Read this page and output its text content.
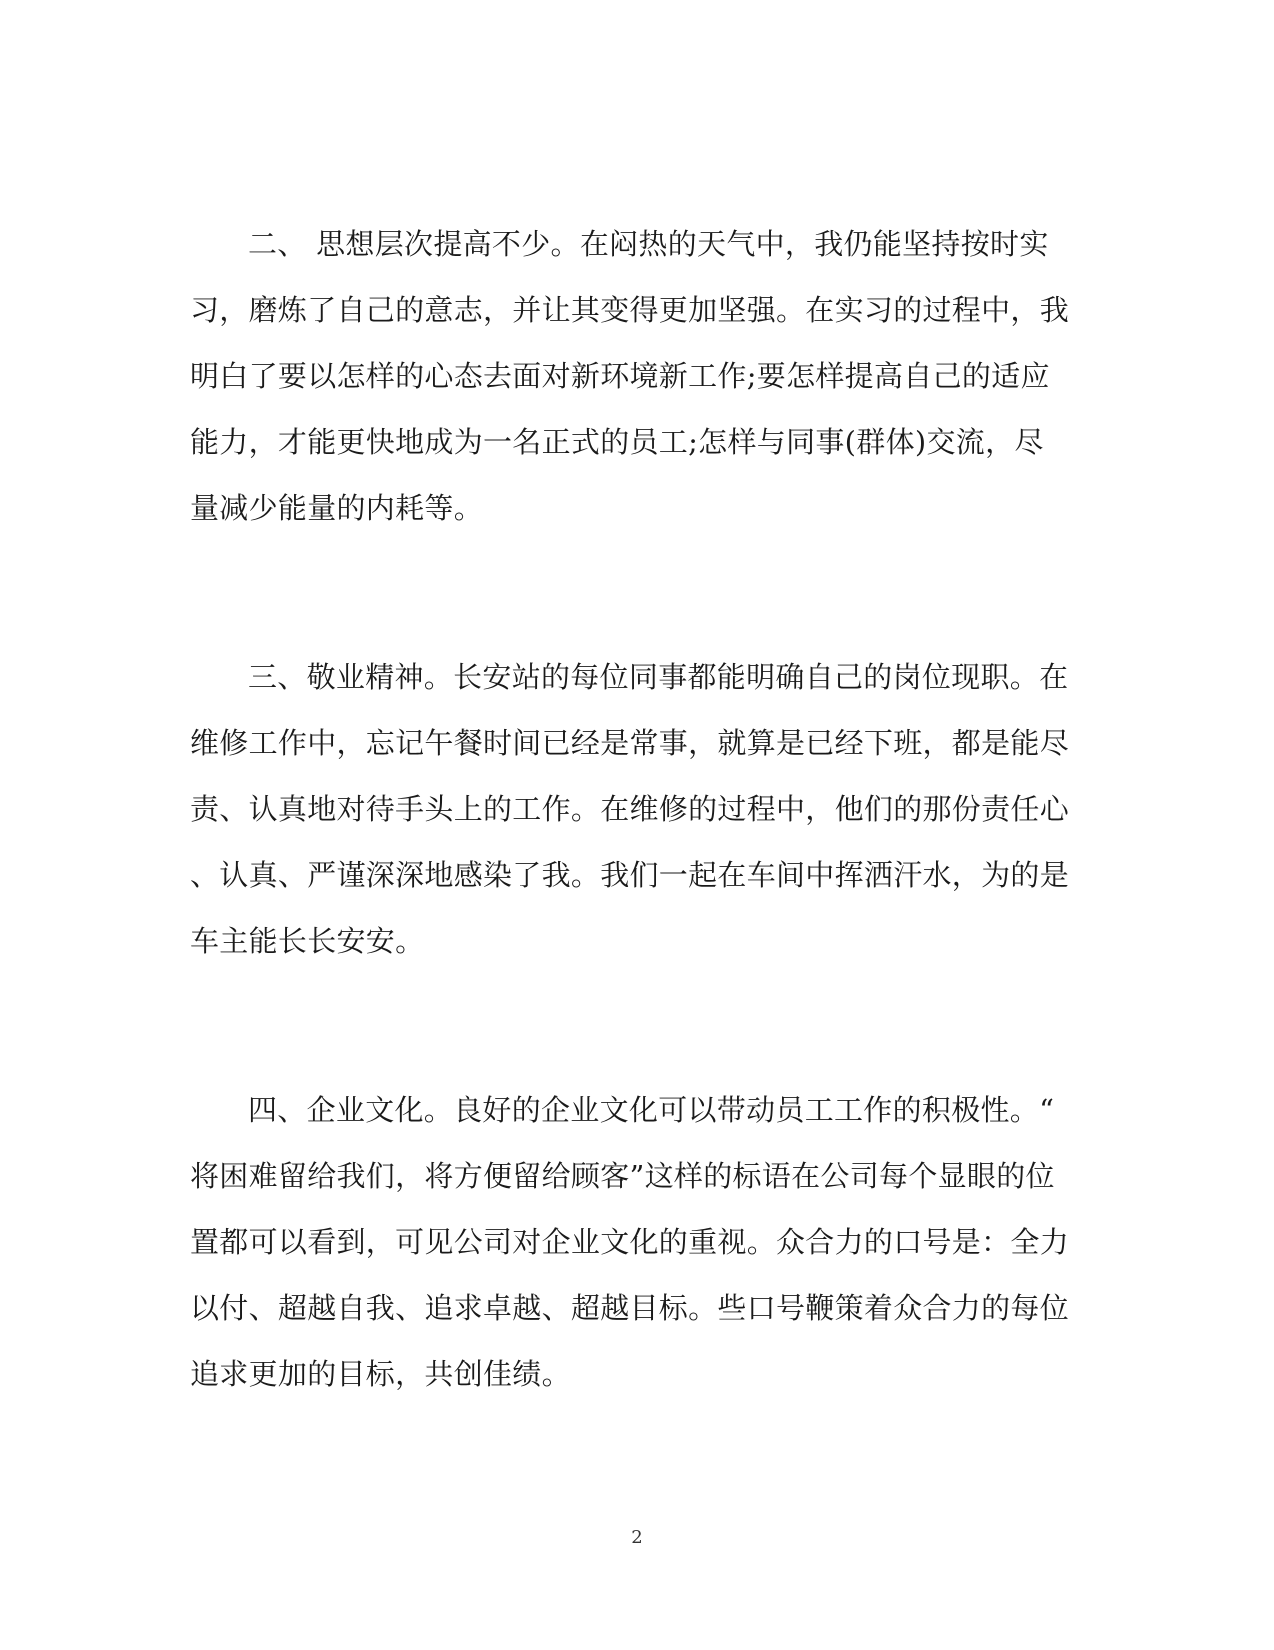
二、 思想层次提高不少。在闷热的天气中，我仍能坚持按时实
习，磨炼了自己的意志，并让其变得更加坚强。在实习的过程中，我
明白了要以怎样的心态去面对新环境新工作;要怎样提高自己的适应
能力，才能更快地成为一名正式的员工;怎样与同事(群体)交流，尽
量减少能量的内耗等。
三、敬业精神。长安站的每位同事都能明确自己的岗位现职。在
维修工作中，忘记午餐时间已经是常事，就算是已经下班，都是能尽
责、认真地对待手头上的工作。在维修的过程中，他们的那份责任心
、认真、严谨深深地感染了我。我们一起在车间中挥洒汗水，为的是
车主能长长安安。
四、企业文化。良好的企业文化可以带动员工工作的积极性。“
将困难留给我们，将方便留给顾客”这样的标语在公司每个显眼的位
置都可以看到，可见公司对企业文化的重视。众合力的口号是：全力
以付、超越自我、追求卓越、超越目标。些口号鞭策着众合力的每位
追求更加的目标，共创佳绩。
2
